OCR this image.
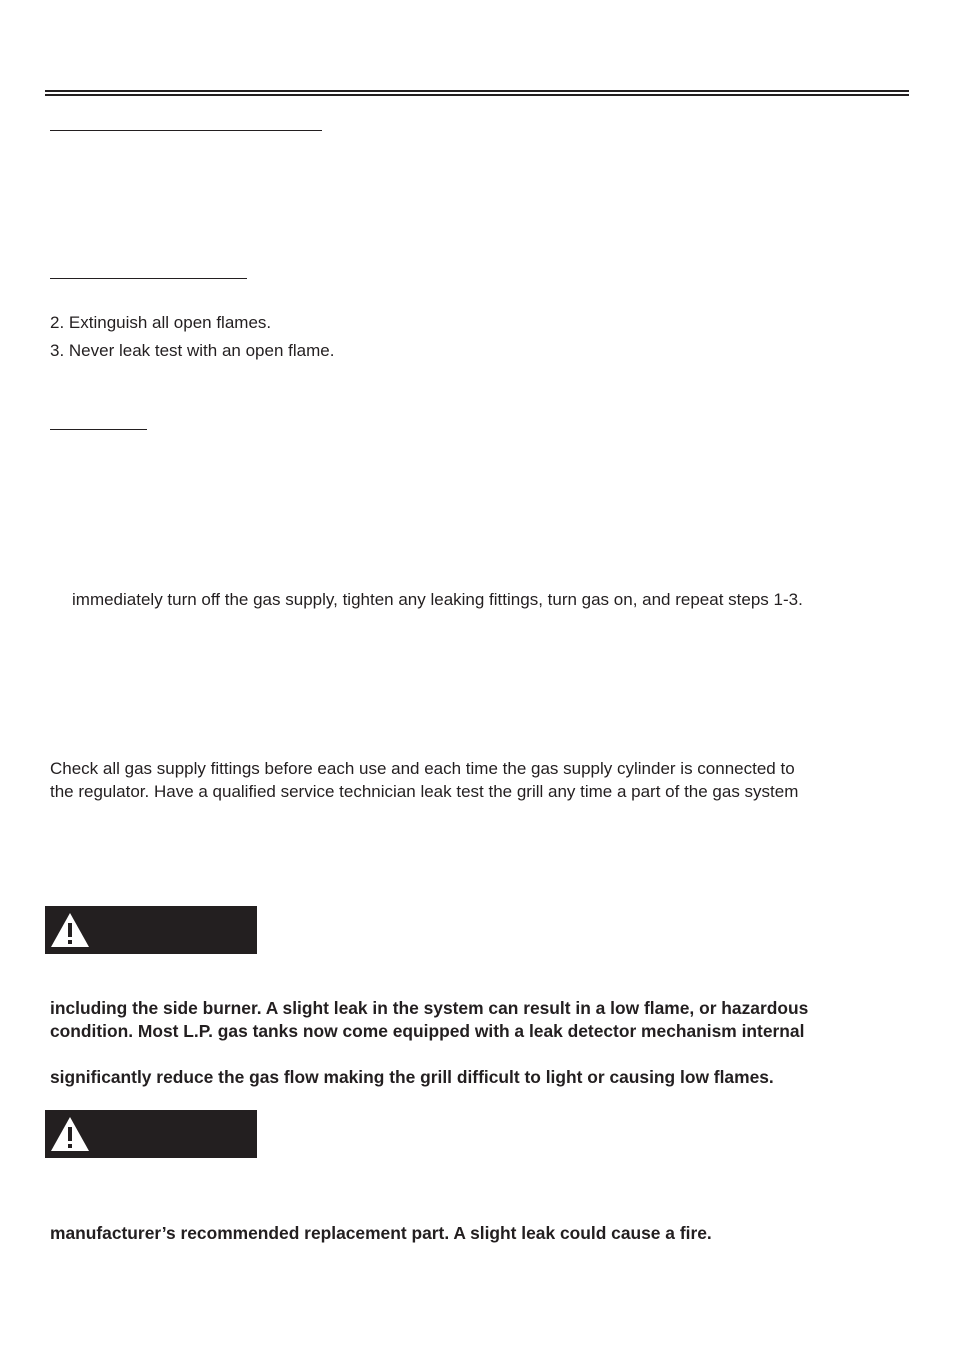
2. Extinguish all open flames.
3. Never leak test with an open flame.
immediately turn off the gas supply, tighten any leaking fittings, turn gas on, and repeat steps 1-3.
Check all gas supply fittings before each use and each time the gas supply cylinder is connected to
the regulator. Have a qualified service technician leak test the grill any time a part of the gas system
including the side burner. A slight leak in the system can result in a low flame, or hazardous
condition. Most L.P. gas tanks now come equipped with a leak detector mechanism internal
significantly reduce the gas flow making the grill difficult to light or causing low flames.
manufacturer’s recommended replacement part. A slight leak could cause a fire.
